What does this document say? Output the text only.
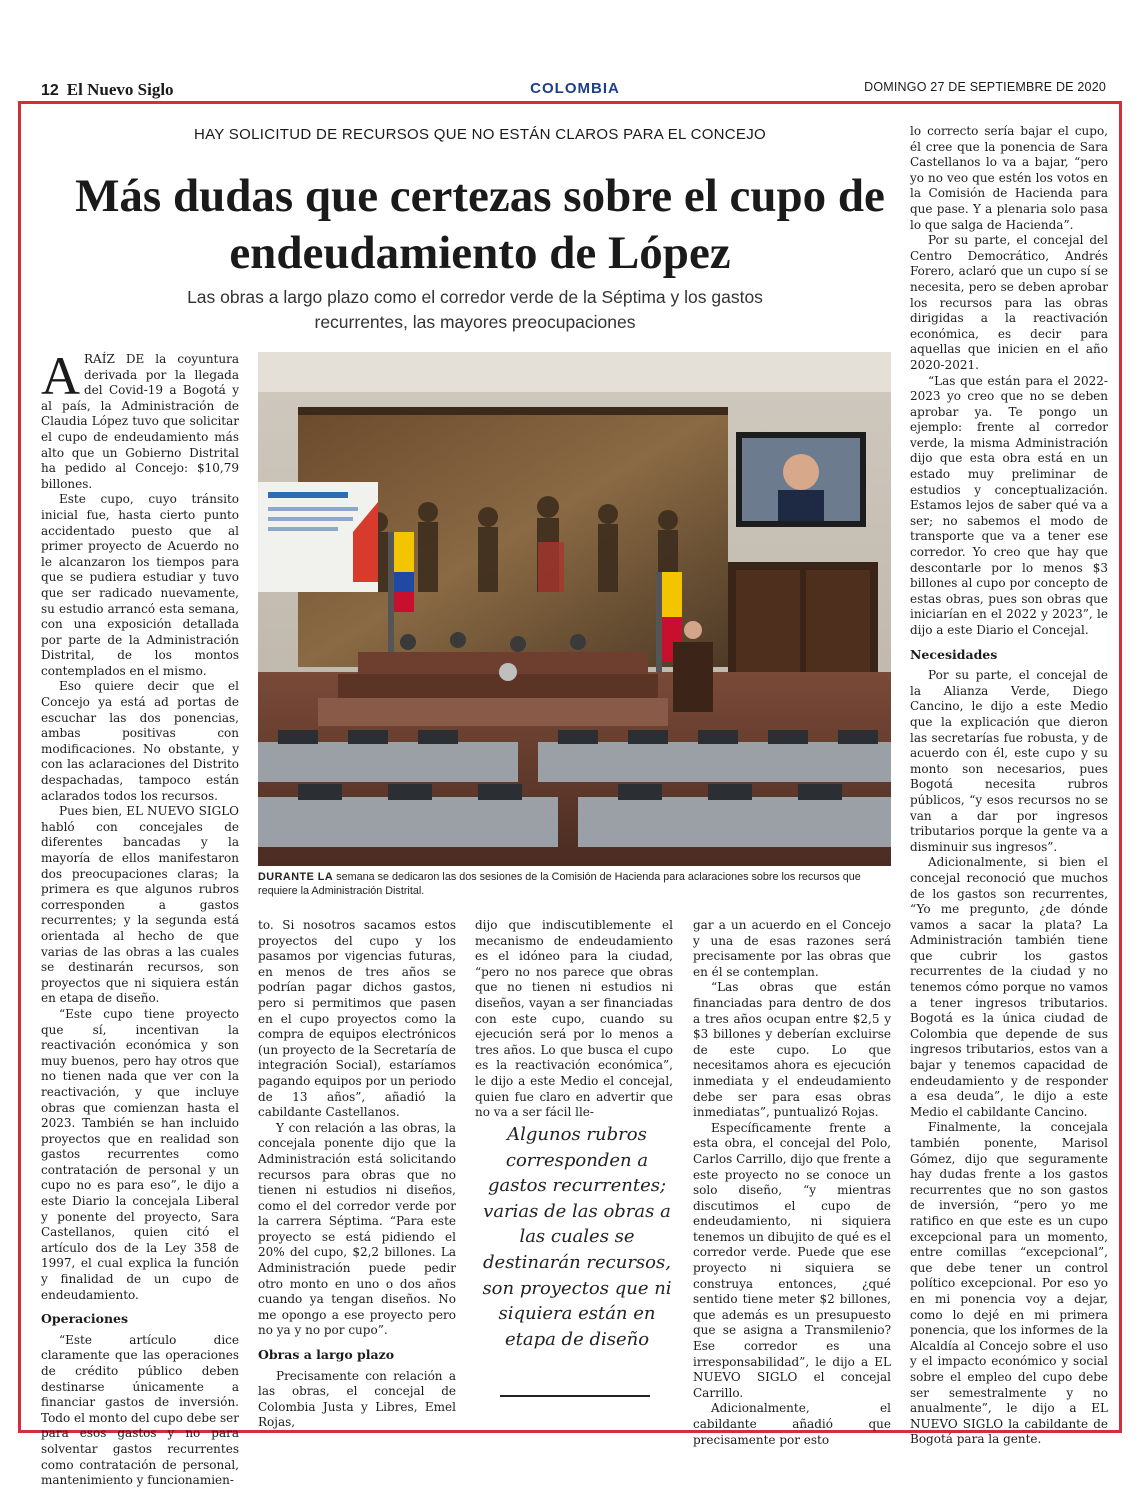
12 El Nuevo Siglo	COLOMBIA	DOMINGO 27 DE SEPTIEMBRE DE 2020
HAY SOLICITUD DE RECURSOS QUE NO ESTÁN CLAROS PARA EL CONCEJO
Más dudas que certezas sobre el cupo de endeudamiento de López
Las obras a largo plazo como el corredor verde de la Séptima y los gastos recurrentes, las mayores preocupaciones

ARAÍZ DE la coyuntura derivada por la llegada del Covid-19 a Bogotá y al país, la Administración de Claudia López tuvo que solicitar el cupo de endeudamiento más alto que un Gobierno Distrital ha pedido al Concejo: $10,79 billones.

Este cupo, cuyo tránsito inicial fue, hasta cierto punto accidentado puesto que al primer proyecto de Acuerdo no le alcanzaron los tiempos para que se pudiera estudiar y tuvo que ser radicado nuevamente, su estudio arrancó esta semana, con una exposición detallada por parte de la Administración Distrital, de los montos contemplados en el mismo.

Eso quiere decir que el Concejo ya está ad portas de escuchar las dos ponencias, ambas positivas con modificaciones. No obstante, y con las aclaraciones del Distrito despachadas, tampoco están aclarados todos los recursos.

Pues bien, EL NUEVO SIGLO habló con concejales de diferentes bancadas y la mayoría de ellos manifestaron dos preocupaciones claras; la primera es que algunos rubros corresponden a gastos recurrentes; y la segunda está orientada al hecho de que varias de las obras a las cuales se destinarán recursos, son proyectos que ni siquiera están en etapa de diseño.

“Este cupo tiene proyecto que sí, incentivan la reactivación económica y son muy buenos, pero hay otros que no tienen nada que ver con la reactivación, y que incluye obras que comienzan hasta el 2023. También se han incluido proyectos que en realidad son gastos recurrentes como contratación de personal y un cupo no es para eso”, le dijo a este Diario la concejala Liberal y ponente del proyecto, Sara Castellanos, quien citó el artículo dos de la Ley 358 de 1997, el cual explica la función y finalidad de un cupo de endeudamiento.

Operaciones

“Este artículo dice claramente que las operaciones de crédito público deben destinarse únicamente a financiar gastos de inversión. Todo el monto del cupo debe ser para esos gastos y no para solventar gastos recurrentes como contratación de personal, mantenimiento y funcionamien-

DURANTE LA semana se dedicaron las dos sesiones de la Comisión de Hacienda para aclaraciones sobre los recursos que requiere la Administración Distrital.

to. Si nosotros sacamos estos proyectos del cupo y los pasamos por vigencias futuras, en menos de tres años se podrían pagar dichos gastos, pero si permitimos que pasen en el cupo proyectos como la compra de equipos electrónicos (un proyecto de la Secretaría de integración Social), estaríamos pagando equipos por un periodo de 13 años”, añadió la cabildante Castellanos.

Y con relación a las obras, la concejala ponente dijo que la Administración está solicitando recursos para obras que no tienen ni estudios ni diseños, como el del corredor verde por la carrera Séptima. “Para este proyecto se está pidiendo el 20% del cupo, $2,2 billones. La Administración puede pedir otro monto en uno o dos años cuando ya tengan diseños. No me opongo a ese proyecto pero no ya y no por cupo”.

Obras a largo plazo

Precisamente con relación a las obras, el concejal de Colombia Justa y Libres, Emel Rojas,

dijo que indiscutiblemente el mecanismo de endeudamiento es el idóneo para la ciudad, “pero no nos parece que obras que no tienen ni estudios ni diseños, vayan a ser financiadas con este cupo, cuando su ejecución será por lo menos a tres años. Lo que busca el cupo es la reactivación económica”, le dijo a este Medio el concejal, quien fue claro en advertir que no va a ser fácil lle-

Algunos rubros corresponden a gastos recurrentes; varias de las obras a las cuales se destinarán recursos, son proyectos que ni siquiera están en etapa de diseño

gar a un acuerdo en el Concejo y una de esas razones será precisamente por las obras que en él se contemplan.

“Las obras que están financiadas para dentro de dos a tres años ocupan entre $2,5 y $3 billones y deberían excluirse de este cupo. Lo que necesitamos ahora es ejecución inmediata y el endeudamiento debe ser para esas obras inmediatas”, puntualizó Rojas.

Específicamente frente a esta obra, el concejal del Polo, Carlos Carrillo, dijo que frente a este proyecto no se conoce un solo diseño, “y mientras discutimos el cupo de endeudamiento, ni siquiera tenemos un dibujito de qué es el corredor verde. Puede que ese proyecto ni siquiera se construya entonces, ¿qué sentido tiene meter $2 billones, que además es un presupuesto que se asigna a Transmilenio? Ese corredor es una irresponsabilidad”, le dijo a EL NUEVO SIGLO el concejal Carrillo.

Adicionalmente, el cabildante añadió que precisamente por esto

lo correcto sería bajar el cupo, él cree que la ponencia de Sara Castellanos lo va a bajar, “pero yo no veo que estén los votos en la Comisión de Hacienda para que pase. Y a plenaria solo pasa lo que salga de Hacienda”.

Por su parte, el concejal del Centro Democrático, Andrés Forero, aclaró que un cupo sí se necesita, pero se deben aprobar los recursos para las obras dirigidas a la reactivación económica, es decir para aquellas que inicien en el año 2020-2021.

“Las que están para el 2022-2023 yo creo que no se deben aprobar ya. Te pongo un ejemplo: frente al corredor verde, la misma Administración dijo que esta obra está en un estado muy preliminar de estudios y conceptualización. Estamos lejos de saber qué va a ser; no sabemos el modo de transporte que va a tener ese corredor. Yo creo que hay que descontarle por lo menos $3 billones al cupo por concepto de estas obras, pues son obras que iniciarían en el 2022 y 2023”, le dijo a este Diario el Concejal.

Necesidades

Por su parte, el concejal de la Alianza Verde, Diego Cancino, le dijo a este Medio que la explicación que dieron las secretarías fue robusta, y de acuerdo con él, este cupo y su monto son necesarios, pues Bogotá necesita rubros públicos, “y esos recursos no se van a dar por ingresos tributarios porque la gente va a disminuir sus ingresos”.

Adicionalmente, si bien el concejal reconoció que muchos de los gastos son recurrentes, “Yo me pregunto, ¿de dónde vamos a sacar la plata? La Administración también tiene que cubrir los gastos recurrentes de la ciudad y no tenemos cómo porque no vamos a tener ingresos tributarios. Bogotá es la única ciudad de Colombia que depende de sus ingresos tributarios, estos van a bajar y tenemos capacidad de endeudamiento y de responder a esa deuda”, le dijo a este Medio el cabildante Cancino.

Finalmente, la concejala también ponente, Marisol Gómez, dijo que seguramente hay dudas frente a los gastos recurrentes que no son gastos de inversión, “pero yo me ratifico en que este es un cupo excepcional para un momento, entre comillas “excepcional”, que debe tener un control político excepcional. Por eso yo en mi ponencia voy a dejar, como lo dejé en mi primera ponencia, que los informes de la Alcaldía al Concejo sobre el uso y el impacto económico y social sobre el empleo del cupo debe ser semestralmente y no anualmente”, le dijo a EL NUEVO SIGLO la cabildante de Bogotá para la gente.
